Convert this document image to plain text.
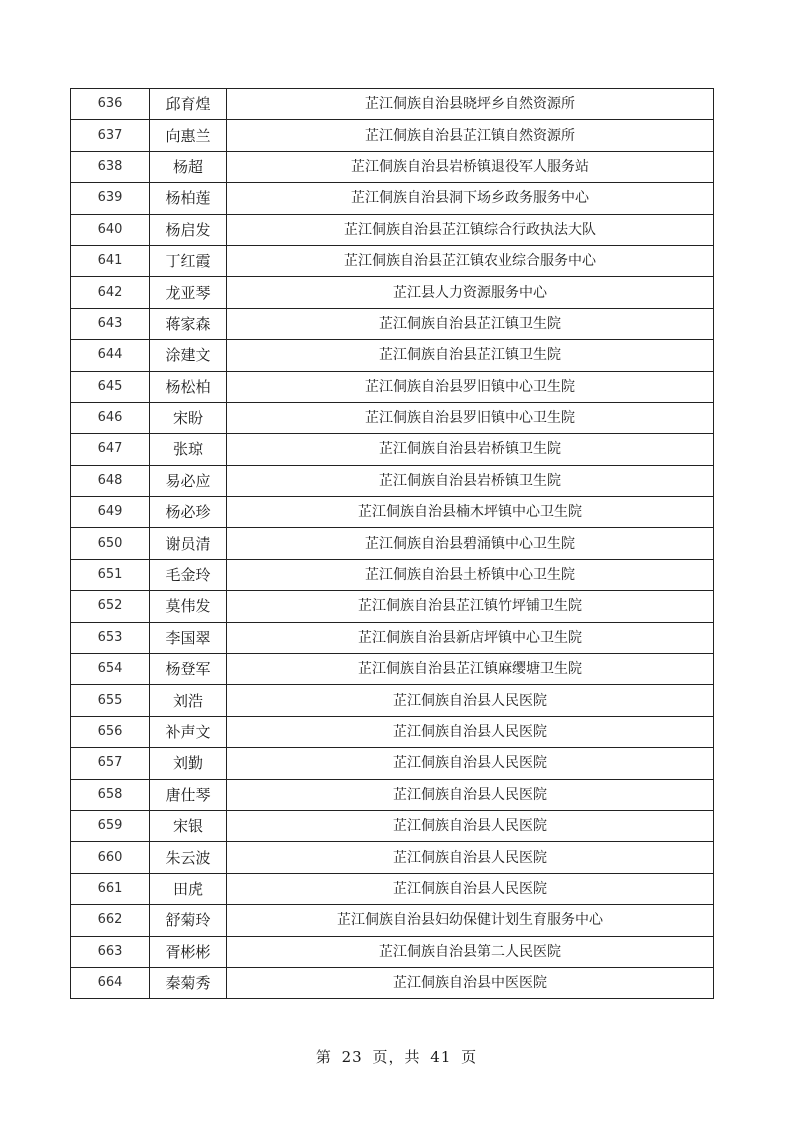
636	邱育煌	芷江侗族自治县晓坪乡自然资源所
637	向惠兰	芷江侗族自治县芷江镇自然资源所
638	杨超	芷江侗族自治县岩桥镇退役军人服务站
639	杨柏莲	芷江侗族自治县洞下场乡政务服务中心
640	杨启发	芷江侗族自治县芷江镇综合行政执法大队
641	丁红霞	芷江侗族自治县芷江镇农业综合服务中心
642	龙亚琴	芷江县人力资源服务中心
643	蒋家森	芷江侗族自治县芷江镇卫生院
644	涂建文	芷江侗族自治县芷江镇卫生院
645	杨松柏	芷江侗族自治县罗旧镇中心卫生院
646	宋盼	芷江侗族自治县罗旧镇中心卫生院
647	张琼	芷江侗族自治县岩桥镇卫生院
648	易必应	芷江侗族自治县岩桥镇卫生院
649	杨必珍	芷江侗族自治县楠木坪镇中心卫生院
650	谢员清	芷江侗族自治县碧涌镇中心卫生院
651	毛金玲	芷江侗族自治县土桥镇中心卫生院
652	莫伟发	芷江侗族自治县芷江镇竹坪铺卫生院
653	李国翠	芷江侗族自治县新店坪镇中心卫生院
654	杨登军	芷江侗族自治县芷江镇麻缨塘卫生院
655	刘浩	芷江侗族自治县人民医院
656	补声文	芷江侗族自治县人民医院
657	刘勤	芷江侗族自治县人民医院
658	唐仕琴	芷江侗族自治县人民医院
659	宋银	芷江侗族自治县人民医院
660	朱云波	芷江侗族自治县人民医院
661	田虎	芷江侗族自治县人民医院
662	舒菊玲	芷江侗族自治县妇幼保健计划生育服务中心
663	胥彬彬	芷江侗族自治县第二人民医院
664	秦菊秀	芷江侗族自治县中医医院
第 23 页，共 41 页
